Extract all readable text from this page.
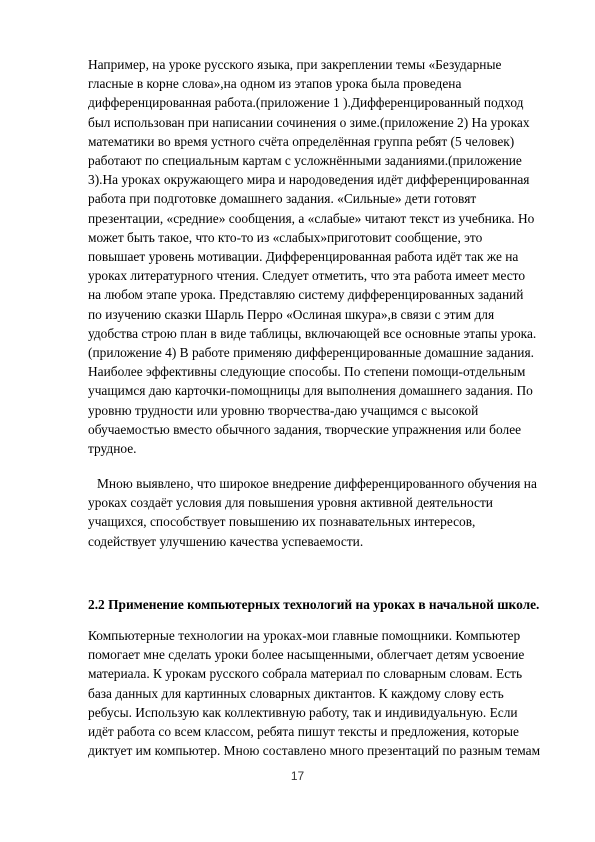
Например, на уроке русского языка, при закреплении темы «Безударные
гласные в корне слова»,на одном из этапов урока была проведена
дифференцированная работа.(приложение 1 ).Дифференцированный подход
был использован при написании сочинения о зиме.(приложение 2) На уроках
математики во время устного счёта определённая группа ребят (5 человек)
работают по специальным картам с усложнёнными заданиями.(приложение
3).На уроках окружающего мира и народоведения идёт дифференцированная
работа при подготовке домашнего задания. «Сильные» дети готовят
презентации, «средние» сообщения, а «слабые» читают текст из учебника. Но
может быть такое, что кто-то из «слабых»приготовит сообщение, это
повышает уровень мотивации. Дифференцированная работа идёт так же на
уроках литературного чтения. Следует отметить, что эта работа имеет место
на любом этапе урока. Представляю систему дифференцированных заданий
по изучению сказки Шарль Перро «Ослиная шкура»,в связи с этим для
удобства строю план в виде таблицы, включающей все основные этапы урока.
(приложение 4) В работе применяю дифференцированные домашние задания.
Наиболее эффективны следующие способы. По степени помощи-отдельным
учащимся даю карточки-помощницы для выполнения домашнего задания. По
уровню трудности или уровню творчества-даю учащимся с высокой
обучаемостью вместо обычного задания, творческие упражнения или более
трудное.
Мною выявлено, что широкое внедрение дифференцированного обучения на
уроках создаёт условия для повышения уровня активной деятельности
учащихся, способствует повышению их познавательных интересов,
содействует улучшению качества успеваемости.
2.2 Применение компьютерных технологий на уроках в начальной школе.
Компьютерные технологии на уроках-мои главные помощники. Компьютер
помогает мне сделать уроки более насыщенными, облегчает детям усвоение
материала. К урокам русского собрала материал по словарным словам. Есть
база данных для картинных словарных диктантов. К каждому слову есть
ребусы. Использую как коллективную работу, так и индивидуальную. Если
идёт работа со всем классом, ребята пишут тексты и предложения, которые
диктует им компьютер. Мною составлено много презентаций по разным темам
17
